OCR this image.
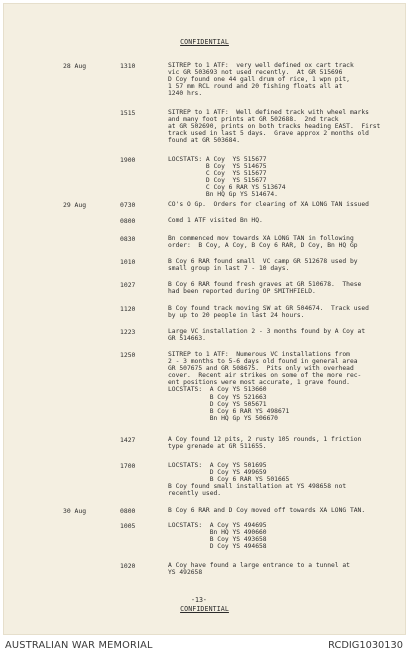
CONFIDENTIAL
28 Aug	1310	SITREP to 1 ATF:  very well defined ox cart track
vic GR 503693 not used recently.  At GR 515696
D Coy found one 44 gall drum of rice, 1 wpn pit,
1 57 mm RCL round and 20 fishing floats all at
1240 hrs.
1515	SITREP to 1 ATF:  Well defined track with wheel marks
and many foot prints at GR 502688.  2nd track
at GR 502690, prints on both tracks heading EAST.  First
track used in last 5 days.  Grave approx 2 months old
found at GR 503684.
1900	LOCSTATS: A Coy  YS 515677
B Coy  YS 514675
C Coy  YS 515677
D Coy  YS 515677
C Coy 6 RAR YS 513674
Bn HQ Gp YS 514674.
29 Aug	0730	CO's O Gp.  Orders for clearing of XA LONG TAN issued
0800	Comd 1 ATF visited Bn HQ.
0830	Bn commenced mov towards XA LONG TAN in following
order:  B Coy, A Coy, B Coy 6 RAR, D Coy, Bn HQ Gp
1010	B Coy 6 RAR found small  VC camp GR 512678 used by
small group in last 7 - 10 days.
1027	B Coy 6 RAR found fresh graves at GR 510678.  These
had been reported during OP SMITHFIELD.
1120	B Coy found track moving SW at GR 504674.  Track used
by up to 20 people in last 24 hours.
1223	Large VC installation 2 - 3 months found by A Coy at
GR 514663.
1250	SITREP to 1 ATF:  Numerous VC installations from
2 - 3 months to 5-6 days old found in general area
GR 507675 and GR 508675.  Pits only with overhead
cover.  Recent air strikes on some of the more rec-
ent positions were most accurate, 1 grave found.
LOCSTATS:  A Coy YS 513660
B Coy YS 521663
D Coy YS 505671
B Coy 6 RAR YS 498671
Bn HQ Gp YS 506670
1427	A Coy found 12 pits, 2 rusty 105 rounds, 1 friction
type grenade at GR 511655.
1700	LOCSTATS:  A Coy YS 501695
D Coy YS 499659
B Coy 6 RAR YS 501665
B Coy found small installation at YS 498658 not
recently used.
30 Aug	0800	B Coy 6 RAR and D Coy moved off towards XA LONG TAN.
1005	LOCSTATS:  A Coy YS 494695
Bn HQ YS 490660
B Coy YS 493658
D Coy YS 494658
1020	A Coy have found a large entrance to a tunnel at
YS 492658
-13-
CONFIDENTIAL
AUSTRALIAN WAR MEMORIAL	RCDIG1030130
